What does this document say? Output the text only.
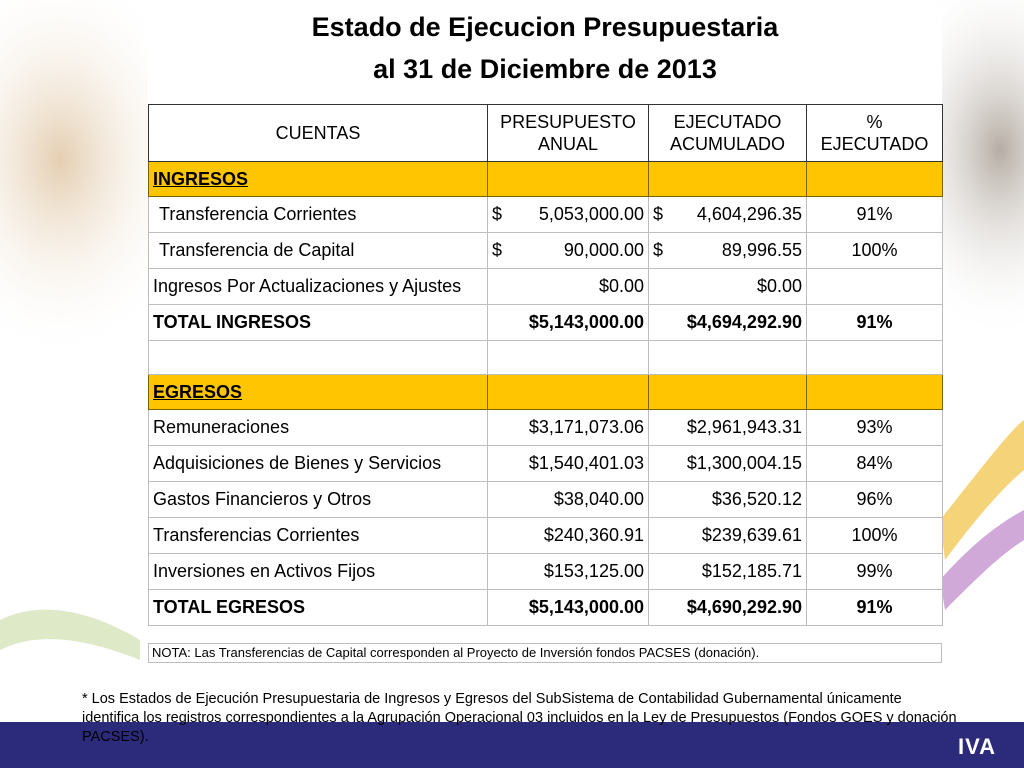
IVA
Estado de Ejecucion Presupuestaria
al 31 de Diciembre de 2013
CUENTAS	PRESUPUESTO ANUAL	EJECUTADO ACUMULADO	% EJECUTADO
INGRESOS			
Transferencia Corrientes	$ 5,053,000.00	$ 4,604,296.35	91%
Transferencia de Capital	$ 90,000.00	$ 89,996.55	100%
Ingresos Por Actualizaciones y Ajustes	$0.00	$0.00	
TOTAL INGRESOS	$5,143,000.00	$4,694,292.90	91%

EGRESOS			
Remuneraciones	$3,171,073.06	$2,961,943.31	93%
Adquisiciones de Bienes y Servicios	$1,540,401.03	$1,300,004.15	84%
Gastos Financieros y Otros	$38,040.00	$36,520.12	96%
Transferencias Corrientes	$240,360.91	$239,639.61	100%
Inversiones en Activos Fijos	$153,125.00	$152,185.71	99%
TOTAL EGRESOS	$5,143,000.00	$4,690,292.90	91%
NOTA: Las Transferencias de Capital corresponden al Proyecto de Inversión fondos PACSES (donación).
* Los Estados de Ejecución Presupuestaria de Ingresos y Egresos del SubSistema de Contabilidad Gubernamental únicamente identifica los registros correspondientes a la Agrupación Operacional 03 incluidos en la Ley de Presupuestos (Fondos GOES y donación PACSES).
